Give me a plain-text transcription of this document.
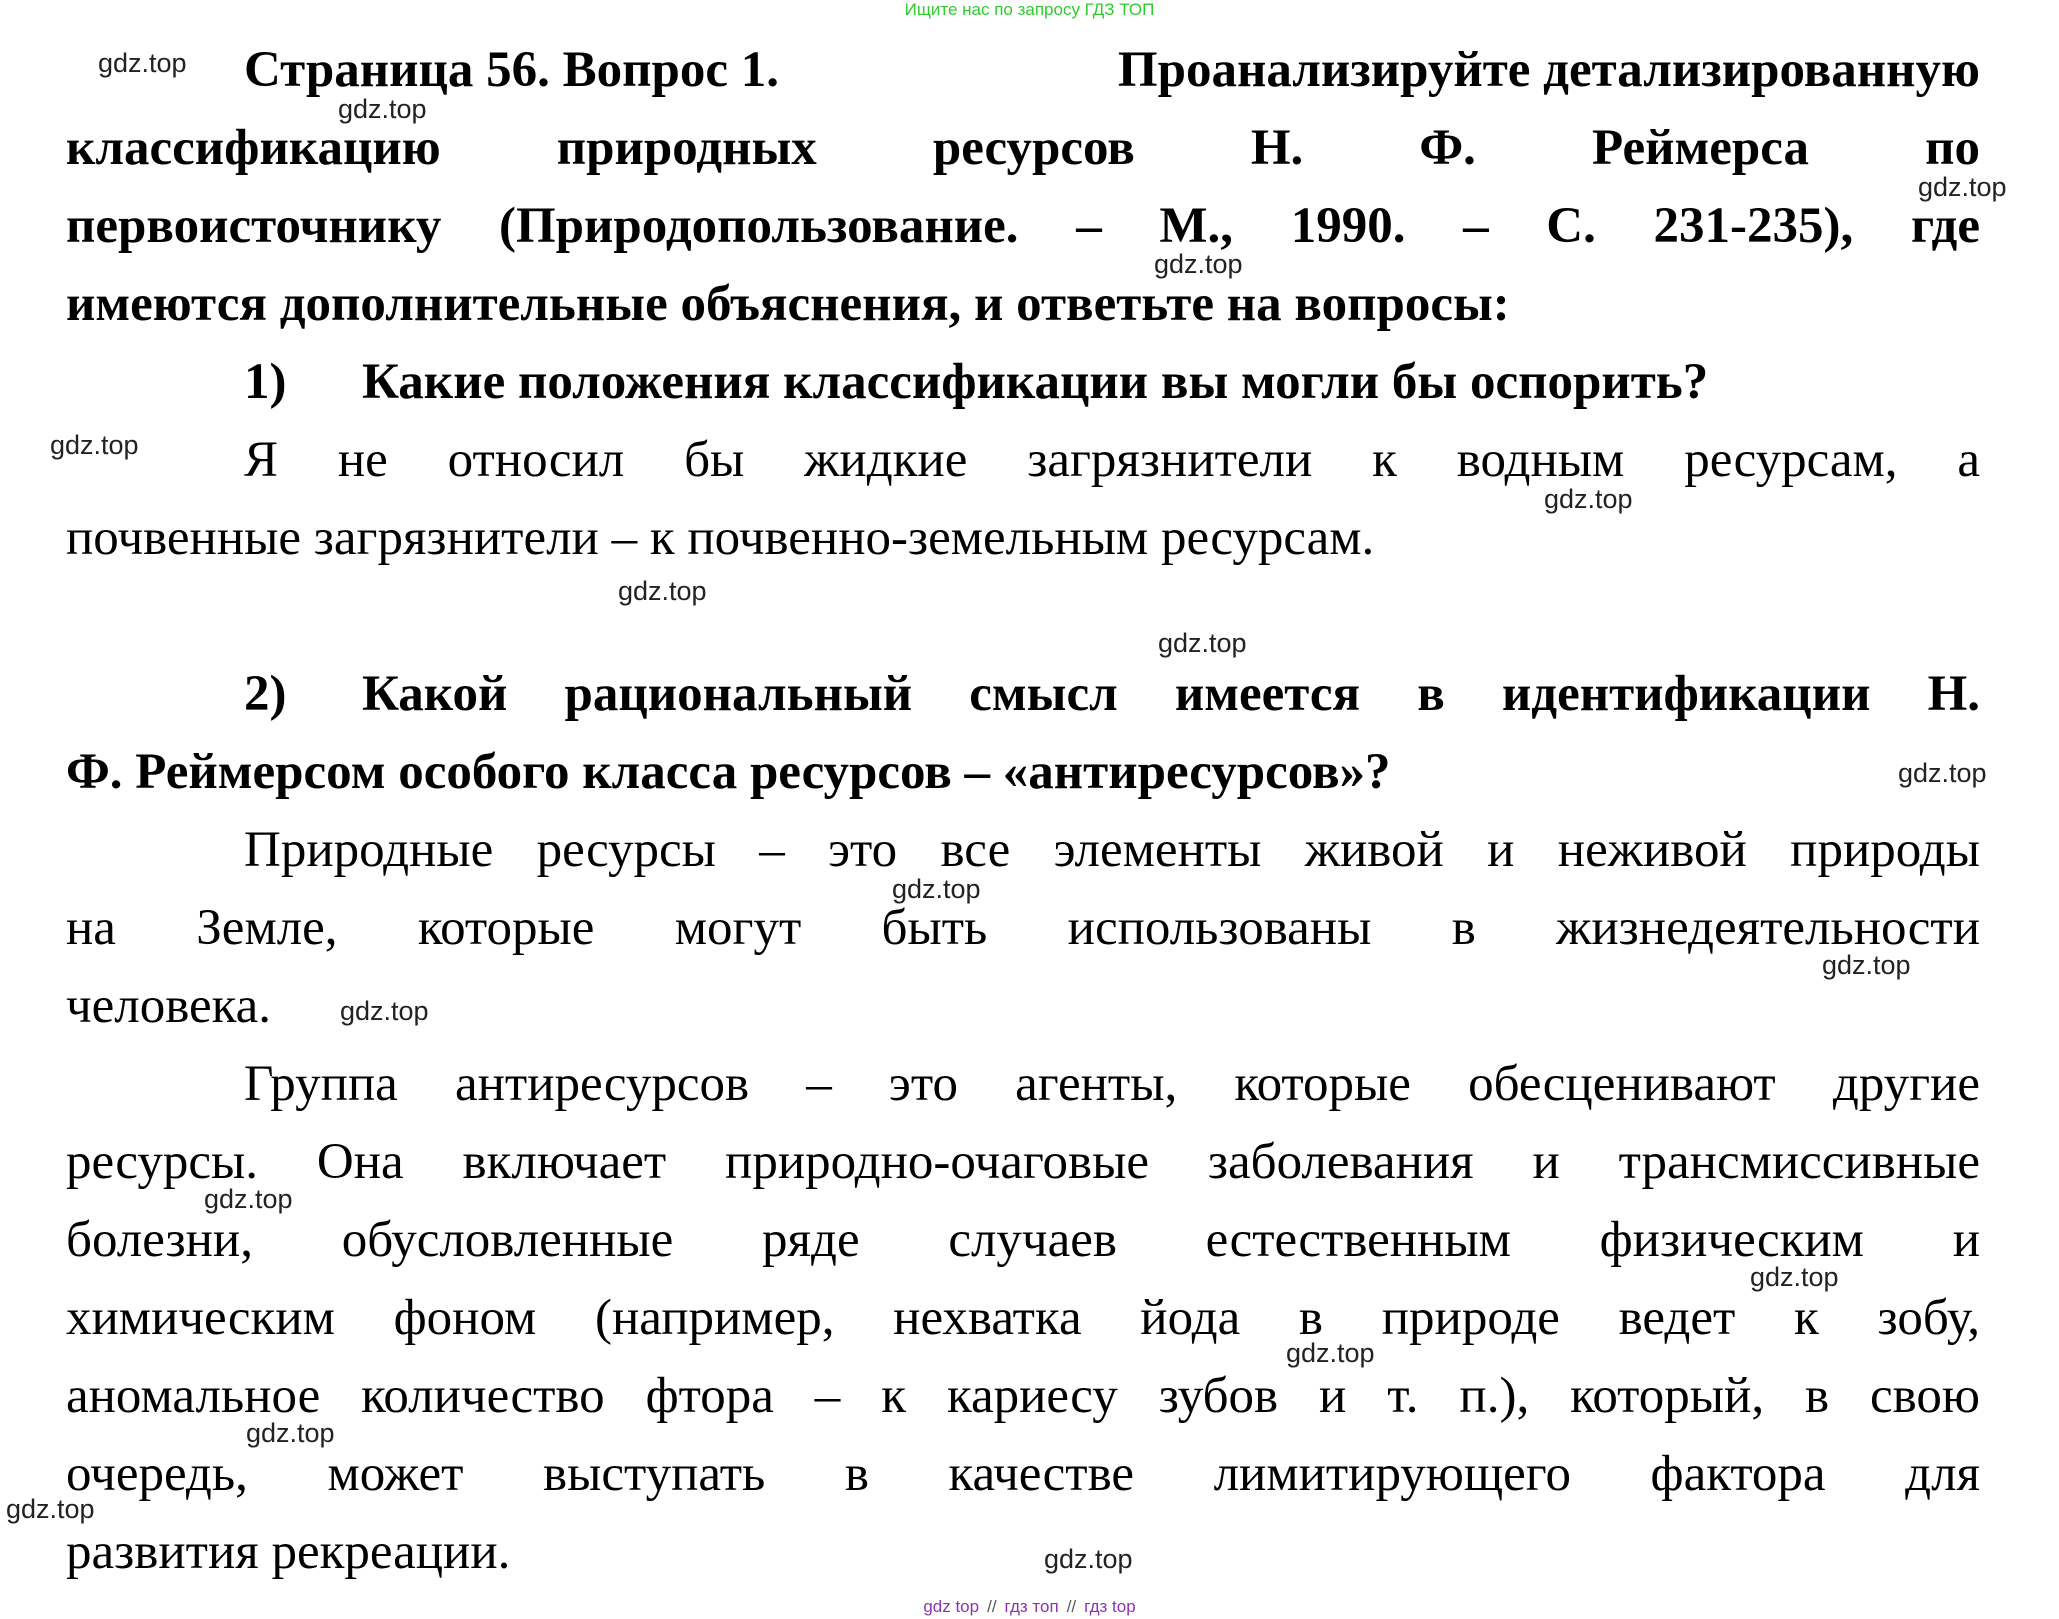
Ищите нас по запросу ГДЗ ТОП
Страница 56. Вопрос 1.	Проанализируйте детализированную
классификацию природных ресурсов Н. Ф. Реймерса по
первоисточнику (Природопользование. – М., 1990. – С. 231-235), где
имеются дополнительные объяснения, и ответьте на вопросы:
1) Какие положения классификации вы могли бы оспорить?
Я не относил бы жидкие загрязнители к водным ресурсам, а
почвенные загрязнители – к почвенно-земельным ресурсам.
2) Какой рациональный смысл имеется в идентификации Н.
Ф. Реймерсом особого класса ресурсов – «антиресурсов»?
Природные ресурсы – это все элементы живой и неживой природы
на Земле, которые могут быть использованы в жизнедеятельности
человека.
Группа антиресурсов – это агенты, которые обесценивают другие
ресурсы. Она включает природно-очаговые заболевания и трансмиссивные
болезни, обусловленные ряде случаев естественным физическим и
химическим фоном (например, нехватка йода в природе ведет к зобу,
аномальное количество фтора – к кариесу зубов и т. п.), который, в свою
очередь, может выступать в качестве лимитирующего фактора для
развития рекреации.
gdz.top
gdz.top
gdz.top
gdz.top
gdz.top
gdz.top
gdz.top
gdz.top
gdz.top
gdz.top
gdz.top
gdz.top
gdz.top
gdz.top
gdz.top
gdz.top
gdz.top
gdz.top
gdz top // гдз топ // гдз top
